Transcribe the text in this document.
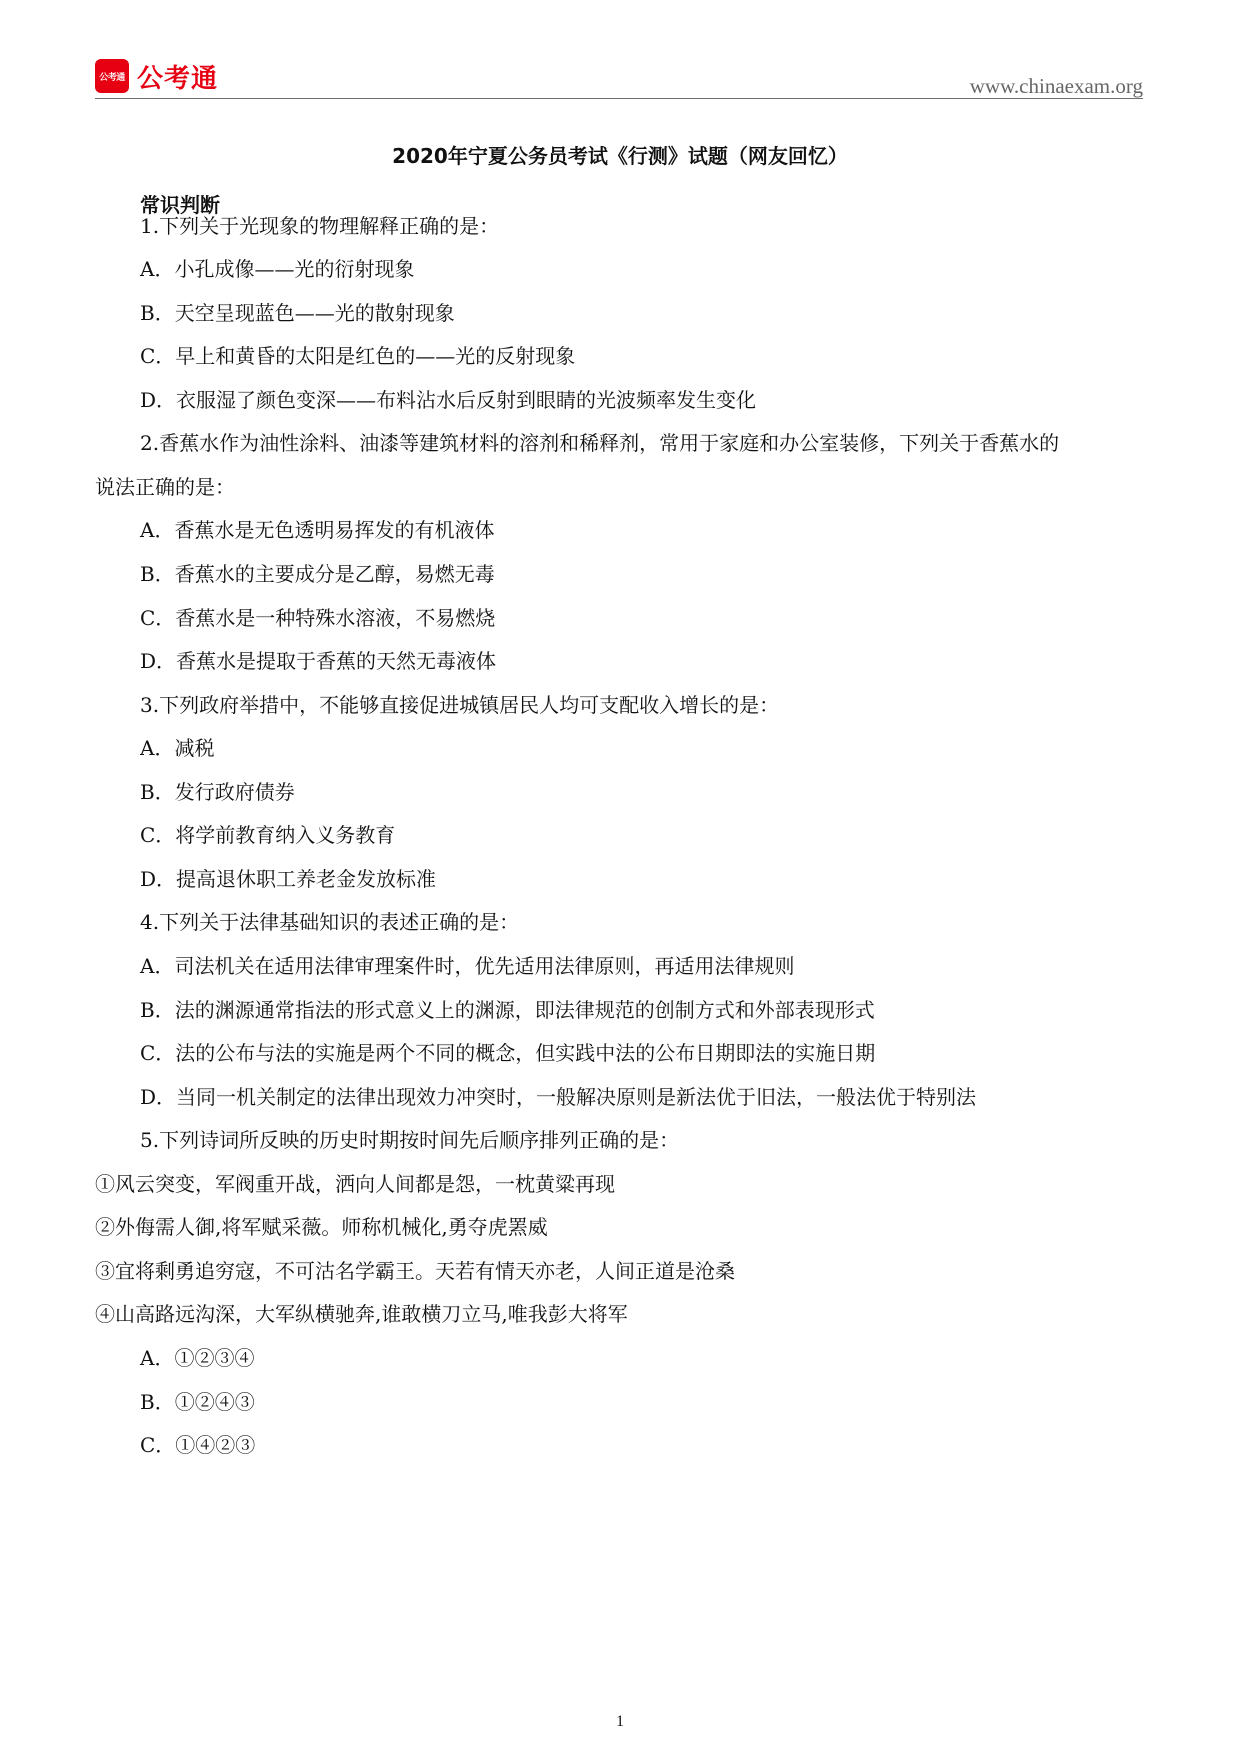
公考通 公考通	www.chinaexam.org
2020年宁夏公务员考试《行测》试题（网友回忆）
常识判断
1.下列关于光现象的物理解释正确的是：
A．小孔成像——光的衍射现象
B．天空呈现蓝色——光的散射现象
C．早上和黄昏的太阳是红色的——光的反射现象
D．衣服湿了颜色变深——布料沾水后反射到眼睛的光波频率发生变化
2.香蕉水作为油性涂料、油漆等建筑材料的溶剂和稀释剂，常用于家庭和办公室装修，下列关于香蕉水的
说法正确的是：
A．香蕉水是无色透明易挥发的有机液体
B．香蕉水的主要成分是乙醇，易燃无毒
C．香蕉水是一种特殊水溶液，不易燃烧
D．香蕉水是提取于香蕉的天然无毒液体
3.下列政府举措中，不能够直接促进城镇居民人均可支配收入增长的是：
A．减税
B．发行政府债券
C．将学前教育纳入义务教育
D．提高退休职工养老金发放标准
4.下列关于法律基础知识的表述正确的是：
A．司法机关在适用法律审理案件时，优先适用法律原则，再适用法律规则
B．法的渊源通常指法的形式意义上的渊源，即法律规范的创制方式和外部表现形式
C．法的公布与法的实施是两个不同的概念，但实践中法的公布日期即法的实施日期
D．当同一机关制定的法律出现效力冲突时，一般解决原则是新法优于旧法，一般法优于特别法
5.下列诗词所反映的历史时期按时间先后顺序排列正确的是：
①风云突变，军阀重开战，洒向人间都是怨，一枕黄粱再现
②外侮需人御,将军赋采薇。师称机械化,勇夺虎罴威
③宜将剩勇追穷寇，不可沽名学霸王。天若有情天亦老，人间正道是沧桑
④山高路远沟深，大军纵横驰奔,谁敢横刀立马,唯我彭大将军
A．①②③④
B．①②④③
C．①④②③
1
